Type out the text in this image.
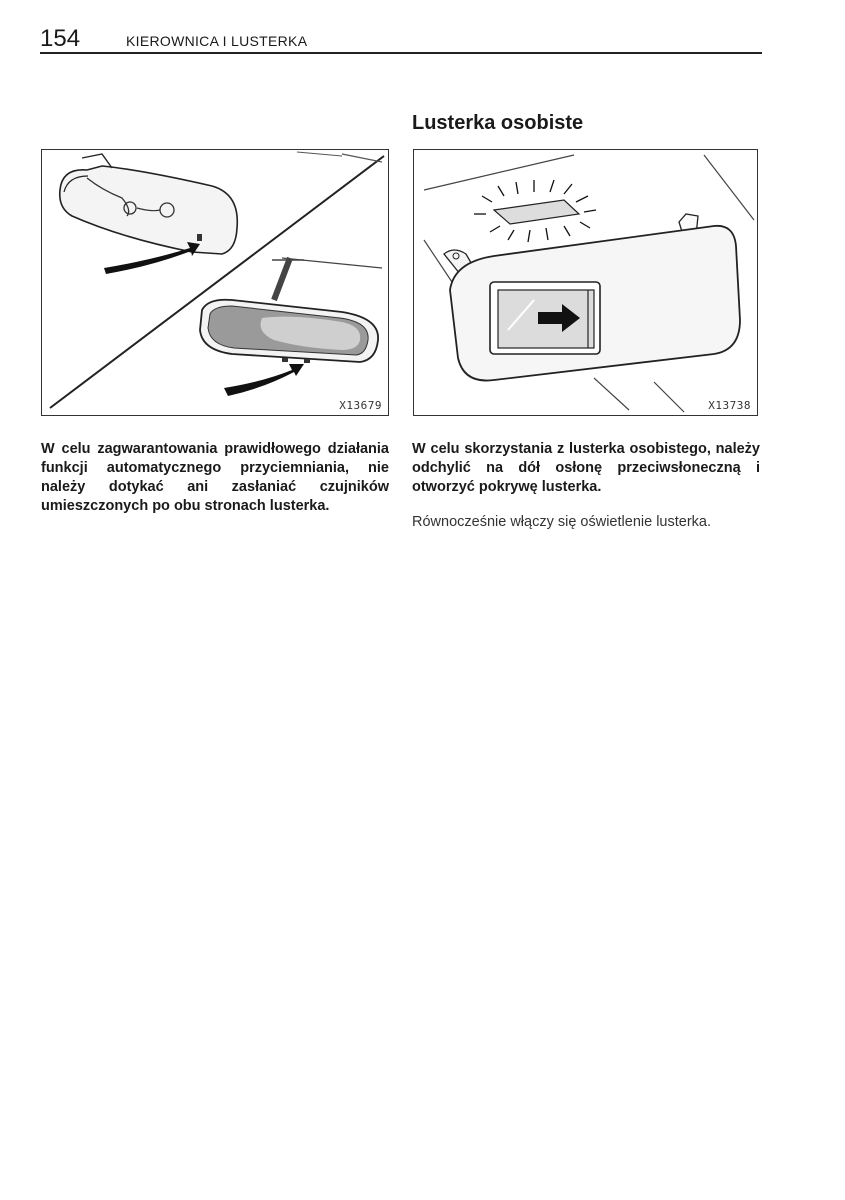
154	KIEROWNICA I LUSTERKA
Lusterka osobiste
X13679	X13738

W celu zagwarantowania prawidłowego działania funkcji automatycznego przyciemniania, nie należy dotykać ani zasłaniać czujników umieszczonych po obu stronach lusterka.

W celu skorzystania z lusterka osobistego, należy odchylić na dół osłonę przeciwsłoneczną i otworzyć pokrywę lusterka.

Równocześnie włączy się oświetlenie lusterka.
